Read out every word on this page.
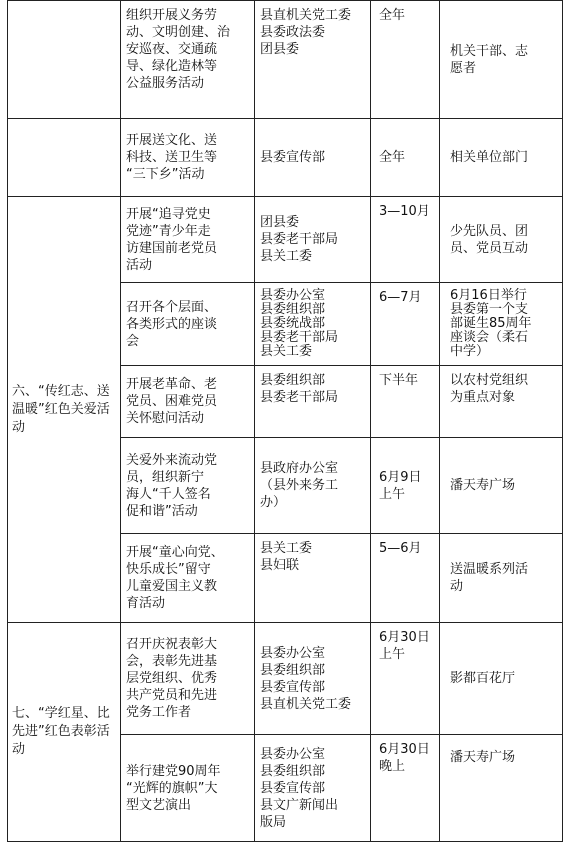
	组织开展义务劳
动、文明创建、治
安巡夜、交通疏
导、绿化造林等
公益服务活动	县直机关党工委
县委政法委
团县委	全年	机关干部、志
愿者

	开展送文化、送
科技、送卫生等
“三下乡”活动	县委宣传部	全年	相关单位部门

六、“传红志、送温暖”红色关爱活动	开展“追寻党史
党迹”青少年走
访建国前老党员
活动	团县委
县委老干部局
县关工委	3—10月	少先队员、团
员、党员互动

	召开各个层面、
各类形式的座谈
会	县委办公室
县委组织部
县委统战部
县委老干部局
县关工委	6—7月	6月16日举行
县委第一个支
部诞生85周年
座谈会（柔石
中学）

	开展老革命、老
党员、困难党员
关怀慰问活动	县委组织部
县委老干部局	下半年	以农村党组织
为重点对象

	关爱外来流动党
员，组织新宁
海人“千人签名
促和谐”活动	县政府办公室
（县外来务工
办）	6月9日
上午	潘天寿广场

	开展“童心向党、
快乐成长”留守
儿童爱国主义教
育活动	县关工委
县妇联	5—6月	送温暖系列活
动

七、“学红星、比先进”红色表彰活动	召开庆祝表彰大
会，表彰先进基
层党组织、优秀
共产党员和先进
党务工作者	县委办公室
县委组织部
县委宣传部
县直机关党工委	6月30日
上午	影都百花厅

	举行建党90周年
“光辉的旗帜”大
型文艺演出	县委办公室
县委组织部
县委宣传部
县文广新闻出
版局	6月30日
晚上	潘天寿广场
